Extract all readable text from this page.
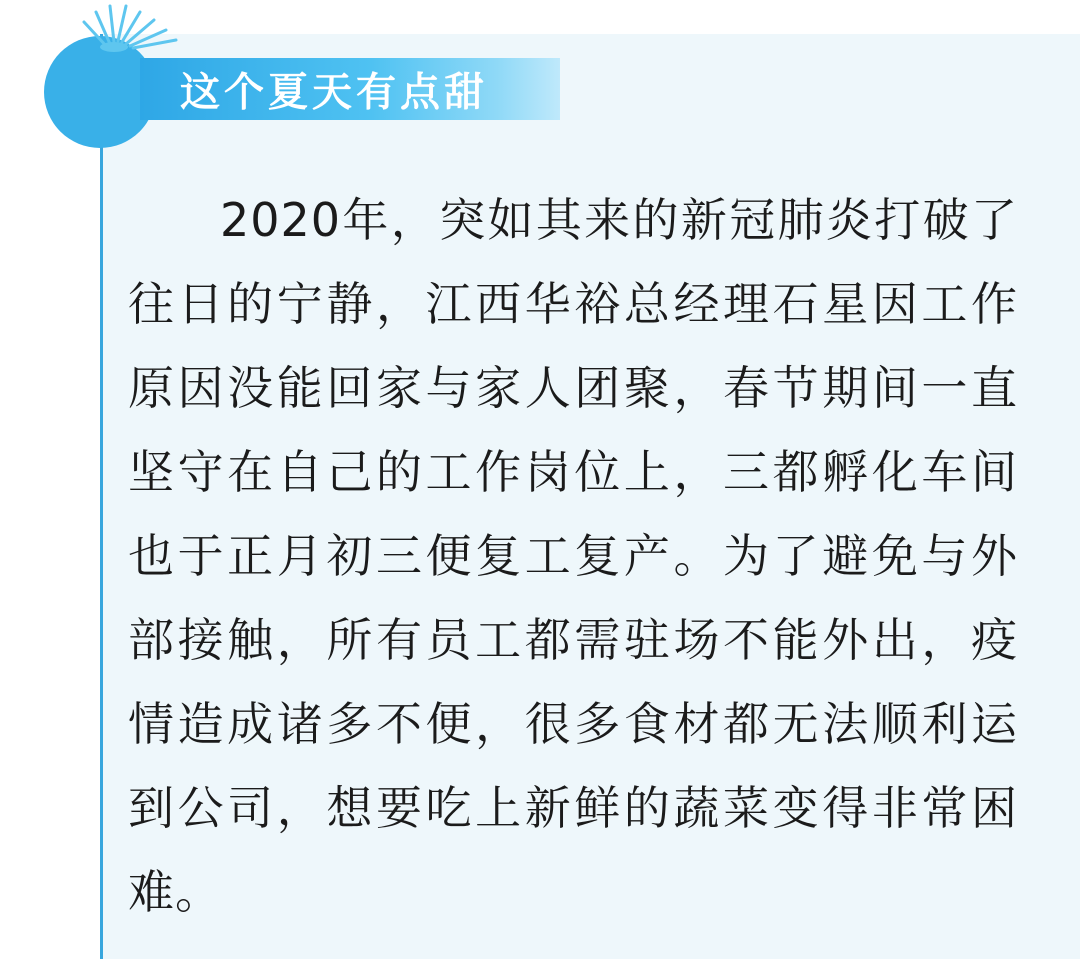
这个夏天有点甜
2020年，突如其来的新冠肺炎打破了往日的宁静，江西华裕总经理石星因工作原因没能回家与家人团聚，春节期间一直坚守在自己的工作岗位上，三都孵化车间也于正月初三便复工复产。为了避免与外部接触，所有员工都需驻场不能外出，疫情造成诸多不便，很多食材都无法顺利运到公司，想要吃上新鲜的蔬菜变得非常困难。
